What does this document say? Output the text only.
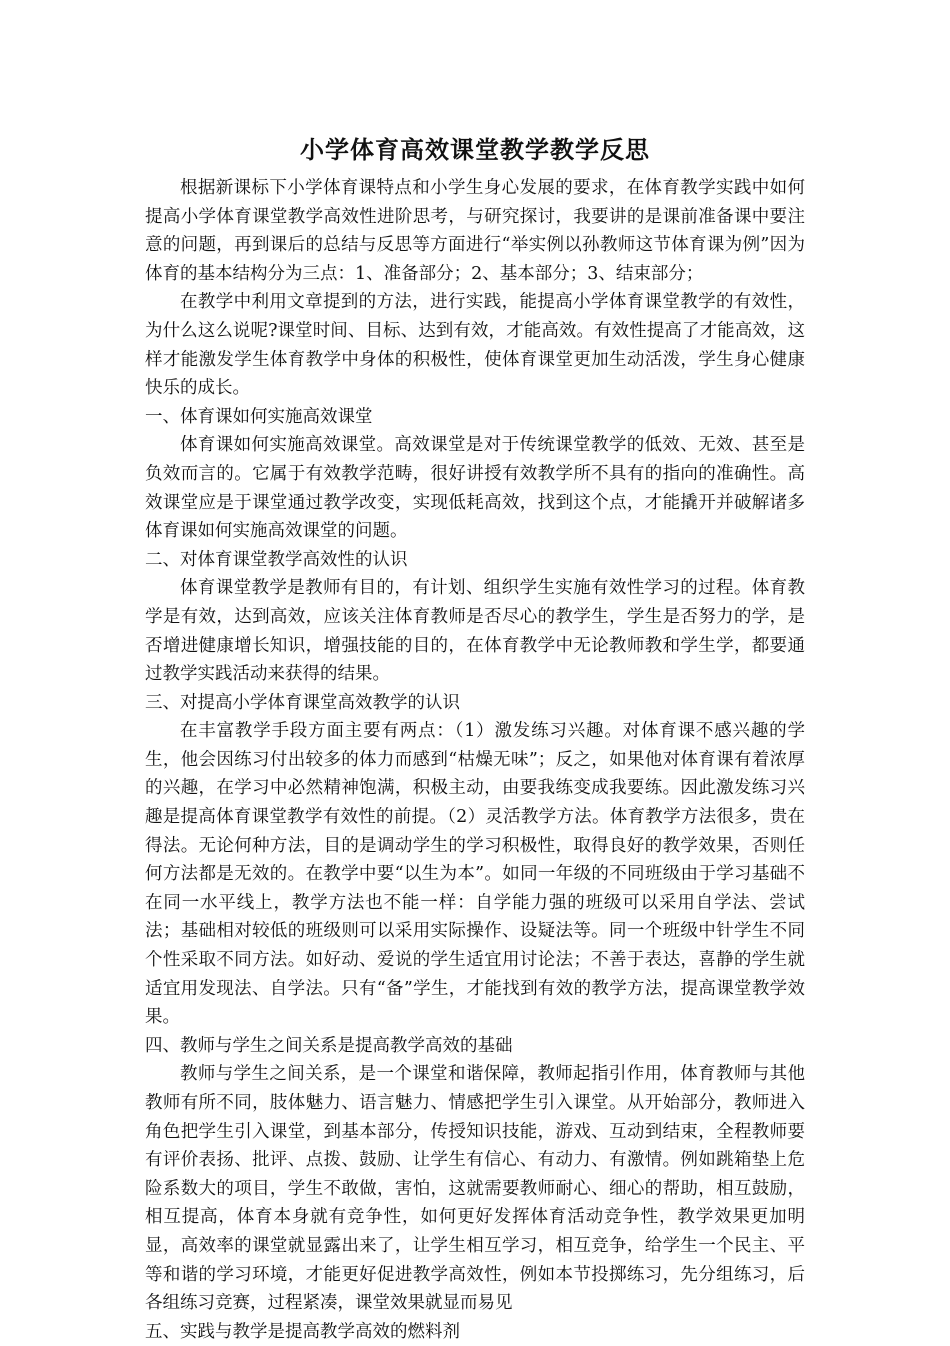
小学体育高效课堂教学教学反思

根据新课标下小学体育课特点和小学生身心发展的要求，在体育教学实践中如何提高小学体育课堂教学高效性进阶思考，与研究探讨，我要讲的是课前准备课中要注意的问题，再到课后的总结与反思等方面进行“举实例以孙教师这节体育课为例”因为体育的基本结构分为三点：1、准备部分；2、基本部分；3、结束部分；

在教学中利用文章提到的方法，进行实践，能提高小学体育课堂教学的有效性，为什么这么说呢?课堂时间、目标、达到有效，才能高效。有效性提高了才能高效，这样才能激发学生体育教学中身体的积极性，使体育课堂更加生动活泼，学生身心健康快乐的成长。

一、体育课如何实施高效课堂

体育课如何实施高效课堂。高效课堂是对于传统课堂教学的低效、无效、甚至是负效而言的。它属于有效教学范畴，很好讲授有效教学所不具有的指向的准确性。高效课堂应是于课堂通过教学改变，实现低耗高效，找到这个点，才能撬开并破解诸多体育课如何实施高效课堂的问题。

二、对体育课堂教学高效性的认识

体育课堂教学是教师有目的，有计划、组织学生实施有效性学习的过程。体育教学是有效，达到高效，应该关注体育教师是否尽心的教学生，学生是否努力的学，是否增进健康增长知识，增强技能的目的，在体育教学中无论教师教和学生学，都要通过教学实践活动来获得的结果。

三、对提高小学体育课堂高效教学的认识

在丰富教学手段方面主要有两点：（1）激发练习兴趣。对体育课不感兴趣的学生，他会因练习付出较多的体力而感到“枯燥无味”；反之，如果他对体育课有着浓厚的兴趣，在学习中必然精神饱满，积极主动，由要我练变成我要练。因此激发练习兴趣是提高体育课堂教学有效性的前提。（2）灵活教学方法。体育教学方法很多，贵在得法。无论何种方法，目的是调动学生的学习积极性，取得良好的教学效果，否则任何方法都是无效的。在教学中要“以生为本”。如同一年级的不同班级由于学习基础不在同一水平线上，教学方法也不能一样：自学能力强的班级可以采用自学法、尝试法；基础相对较低的班级则可以采用实际操作、设疑法等。同一个班级中针学生不同个性采取不同方法。如好动、爱说的学生适宜用讨论法；不善于表达，喜静的学生就适宜用发现法、自学法。只有“备”学生，才能找到有效的教学方法，提高课堂教学效果。

四、教师与学生之间关系是提高教学高效的基础

教师与学生之间关系，是一个课堂和谐保障，教师起指引作用，体育教师与其他教师有所不同，肢体魅力、语言魅力、情感把学生引入课堂。从开始部分，教师进入角色把学生引入课堂，到基本部分，传授知识技能，游戏、互动到结束，全程教师要有评价表扬、批评、点拨、鼓励、让学生有信心、有动力、有激情。例如跳箱垫上危险系数大的项目，学生不敢做，害怕，这就需要教师耐心、细心的帮助，相互鼓励，相互提高，体育本身就有竞争性，如何更好发挥体育活动竞争性，教学效果更加明显，高效率的课堂就显露出来了，让学生相互学习，相互竞争，给学生一个民主、平等和谐的学习环境，才能更好促进教学高效性，例如本节投掷练习，先分组练习，后各组练习竞赛，过程紧凑，课堂效果就显而易见

五、实践与教学是提高教学高效的燃料剂
